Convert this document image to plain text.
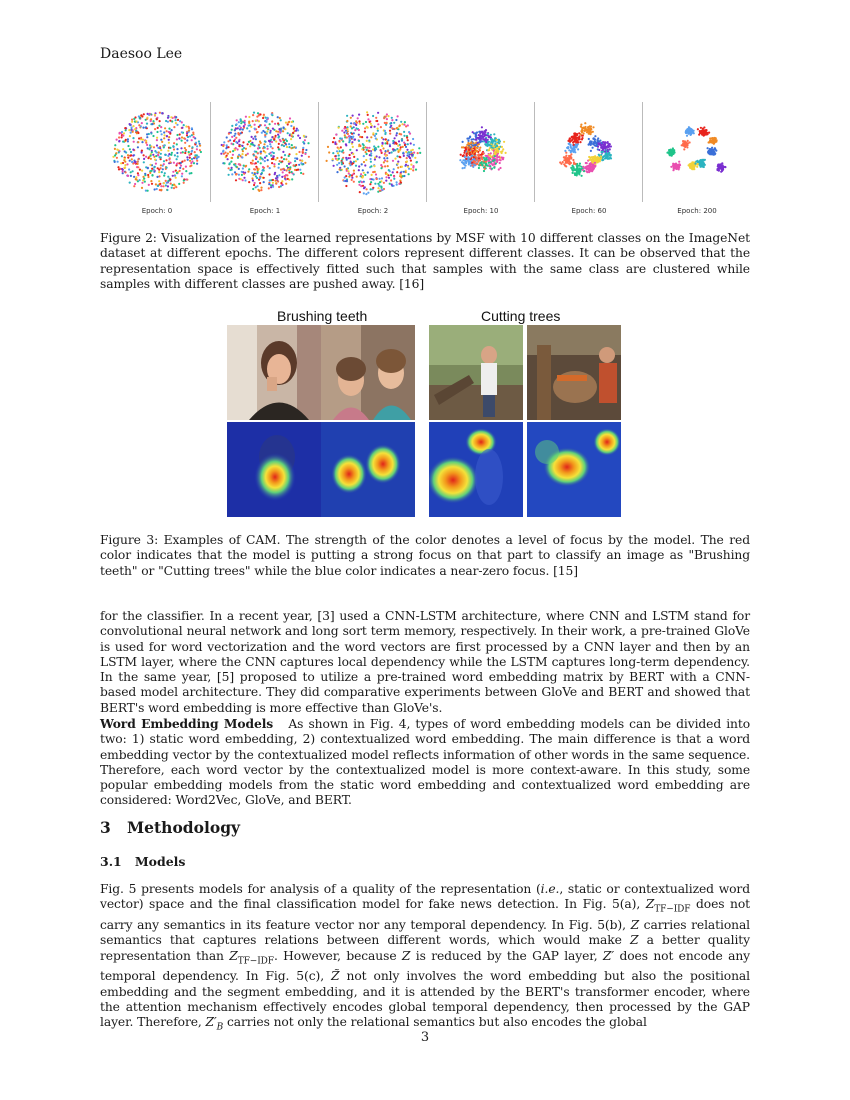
Daesoo Lee
Epoch: 0	Epoch: 1	Epoch: 2	Epoch: 10	Epoch: 60	Epoch: 200
Figure 2: Visualization of the learned representations by MSF with 10 different classes on the ImageNet dataset at different epochs. The different colors represent different classes. It can be observed that the representation space is effectively fitted such that samples with the same class are clustered while samples with different classes are pushed away. [16]
Brushing teeth	Cutting trees
Figure 3: Examples of CAM. The strength of the color denotes a level of focus by the model. The red color indicates that the model is putting a strong focus on that part to classify an image as "Brushing teeth" or "Cutting trees" while the blue color indicates a near-zero focus. [15]
for the classifier. In a recent year, [3] used a CNN-LSTM architecture, where CNN and LSTM stand for convolutional neural network and long sort term memory, respectively. In their work, a pre-trained GloVe is used for word vectorization and the word vectors are first processed by a CNN layer and then by an LSTM layer, where the CNN captures local dependency while the LSTM captures long-term dependency. In the same year, [5] proposed to utilize a pre-trained word embedding matrix by BERT with a CNN-based model architecture. They did comparative experiments between GloVe and BERT and showed that BERT's word embedding is more effective than GloVe's.
Word Embedding Models As shown in Fig. 4, types of word embedding models can be divided into two: 1) static word embedding, 2) contextualized word embedding. The main difference is that a word embedding vector by the contextualized model reflects information of other words in the same sequence. Therefore, each word vector by the contextualized model is more context-aware. In this study, some popular embedding models from the static word embedding and contextualized word embedding are considered: Word2Vec, GloVe, and BERT.
3 Methodology
3.1 Models
Fig. 5 presents models for analysis of a quality of the representation (i.e., static or contextualized word vector) space and the final classification model for fake news detection. In Fig. 5(a), $Z_{TF-IDF}$ does not carry any semantics in its feature vector nor any temporal dependency. In Fig. 5(b), Z carries relational semantics that captures relations between different words, which would make Z a better quality representation than $Z_{TF-IDF}$. However, because Z is reduced by the GAP layer, Z′ does not encode any temporal dependency. In Fig. 5(c), Z̃ not only involves the word embedding but also the positional embedding and the segment embedding, and it is attended by the BERT's transformer encoder, where the attention mechanism effectively encodes global temporal dependency, then processed by the GAP layer. Therefore, $Z'_B$ carries not only the relational semantics but also encodes the global
3
